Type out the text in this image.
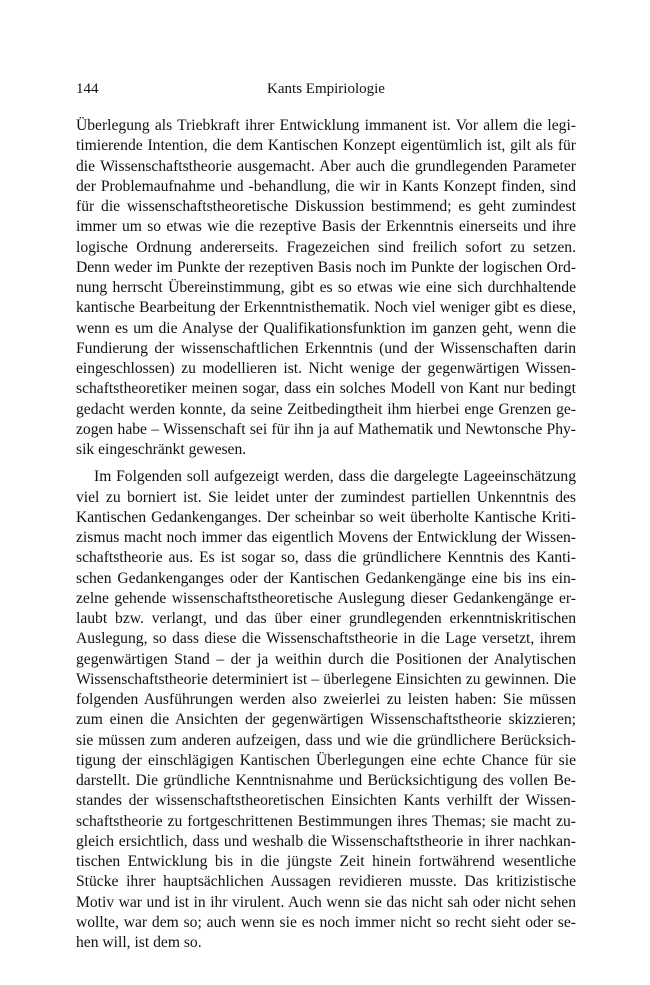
144	Kants Empiriologie
Überlegung als Triebkraft ihrer Entwicklung immanent ist. Vor allem die legi-
timierende Intention, die dem Kantischen Konzept eigentümlich ist, gilt als für
die Wissenschaftstheorie ausgemacht. Aber auch die grundlegenden Parameter
der Problemaufnahme und -behandlung, die wir in Kants Konzept finden, sind
für die wissenschaftstheoretische Diskussion bestimmend; es geht zumindest
immer um so etwas wie die rezeptive Basis der Erkenntnis einerseits und ihre
logische Ordnung andererseits. Fragezeichen sind freilich sofort zu setzen.
Denn weder im Punkte der rezeptiven Basis noch im Punkte der logischen Ord-
nung herrscht Übereinstimmung, gibt es so etwas wie eine sich durchhaltende
kantische Bearbeitung der Erkenntnisthematik. Noch viel weniger gibt es diese,
wenn es um die Analyse der Qualifikationsfunktion im ganzen geht, wenn die
Fundierung der wissenschaftlichen Erkenntnis (und der Wissenschaften darin
eingeschlossen) zu modellieren ist. Nicht wenige der gegenwärtigen Wissen-
schaftstheoretiker meinen sogar, dass ein solches Modell von Kant nur bedingt
gedacht werden konnte, da seine Zeitbedingtheit ihm hierbei enge Grenzen ge-
zogen habe – Wissenschaft sei für ihn ja auf Mathematik und Newtonsche Phy-
sik eingeschränkt gewesen.
Im Folgenden soll aufgezeigt werden, dass die dargelegte Lageeinschätzung
viel zu borniert ist. Sie leidet unter der zumindest partiellen Unkenntnis des
Kantischen Gedankenganges. Der scheinbar so weit überholte Kantische Kriti-
zismus macht noch immer das eigentlich Movens der Entwicklung der Wissen-
schaftstheorie aus. Es ist sogar so, dass die gründlichere Kenntnis des Kanti-
schen Gedankenganges oder der Kantischen Gedankengänge eine bis ins ein-
zelne gehende wissenschaftstheoretische Auslegung dieser Gedankengänge er-
laubt bzw. verlangt, und das über einer grundlegenden erkenntniskritischen
Auslegung, so dass diese die Wissenschaftstheorie in die Lage versetzt, ihrem
gegenwärtigen Stand – der ja weithin durch die Positionen der Analytischen
Wissenschaftstheorie determiniert ist – überlegene Einsichten zu gewinnen. Die
folgenden Ausführungen werden also zweierlei zu leisten haben: Sie müssen
zum einen die Ansichten der gegenwärtigen Wissenschaftstheorie skizzieren;
sie müssen zum anderen aufzeigen, dass und wie die gründlichere Berücksich-
tigung der einschlägigen Kantischen Überlegungen eine echte Chance für sie
darstellt. Die gründliche Kenntnisnahme und Berücksichtigung des vollen Be-
standes der wissenschaftstheoretischen Einsichten Kants verhilft der Wissen-
schaftstheorie zu fortgeschrittenen Bestimmungen ihres Themas; sie macht zu-
gleich ersichtlich, dass und weshalb die Wissenschaftstheorie in ihrer nachkan-
tischen Entwicklung bis in die jüngste Zeit hinein fortwährend wesentliche
Stücke ihrer hauptsächlichen Aussagen revidieren musste. Das kritizistische
Motiv war und ist in ihr virulent. Auch wenn sie das nicht sah oder nicht sehen
wollte, war dem so; auch wenn sie es noch immer nicht so recht sieht oder se-
hen will, ist dem so.
